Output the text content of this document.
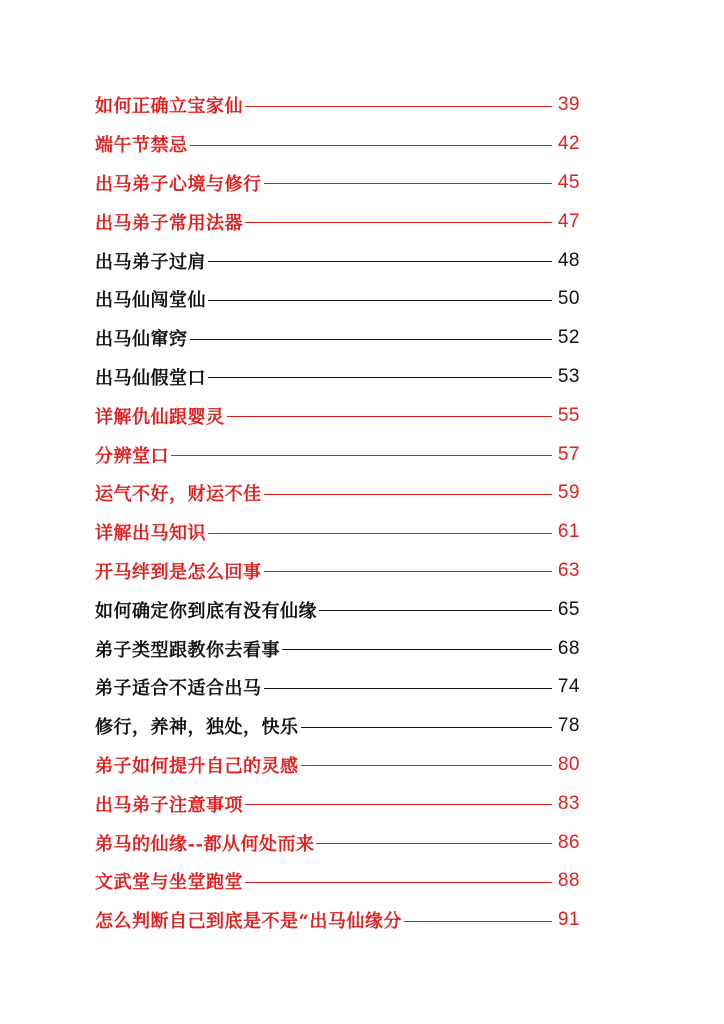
如何正确立宝家仙	39
端午节禁忌	42
出马弟子心境与修行	45
出马弟子常用法器	47
出马弟子过肩	48
出马仙闯堂仙	50
出马仙窜窍	52
出马仙假堂口	53
详解仇仙跟婴灵	55
分辨堂口	57
运气不好，财运不佳	59
详解出马知识	61
开马绊到是怎么回事	63
如何确定你到底有没有仙缘	65
弟子类型跟教你去看事	68
弟子适合不适合出马	74
修行，养神，独处，快乐	78
弟子如何提升自己的灵感	80
出马弟子注意事项	83
弟马的仙缘--都从何处而来	86
文武堂与坐堂跑堂	88
怎么判断自己到底是不是“出马仙缘分	91
